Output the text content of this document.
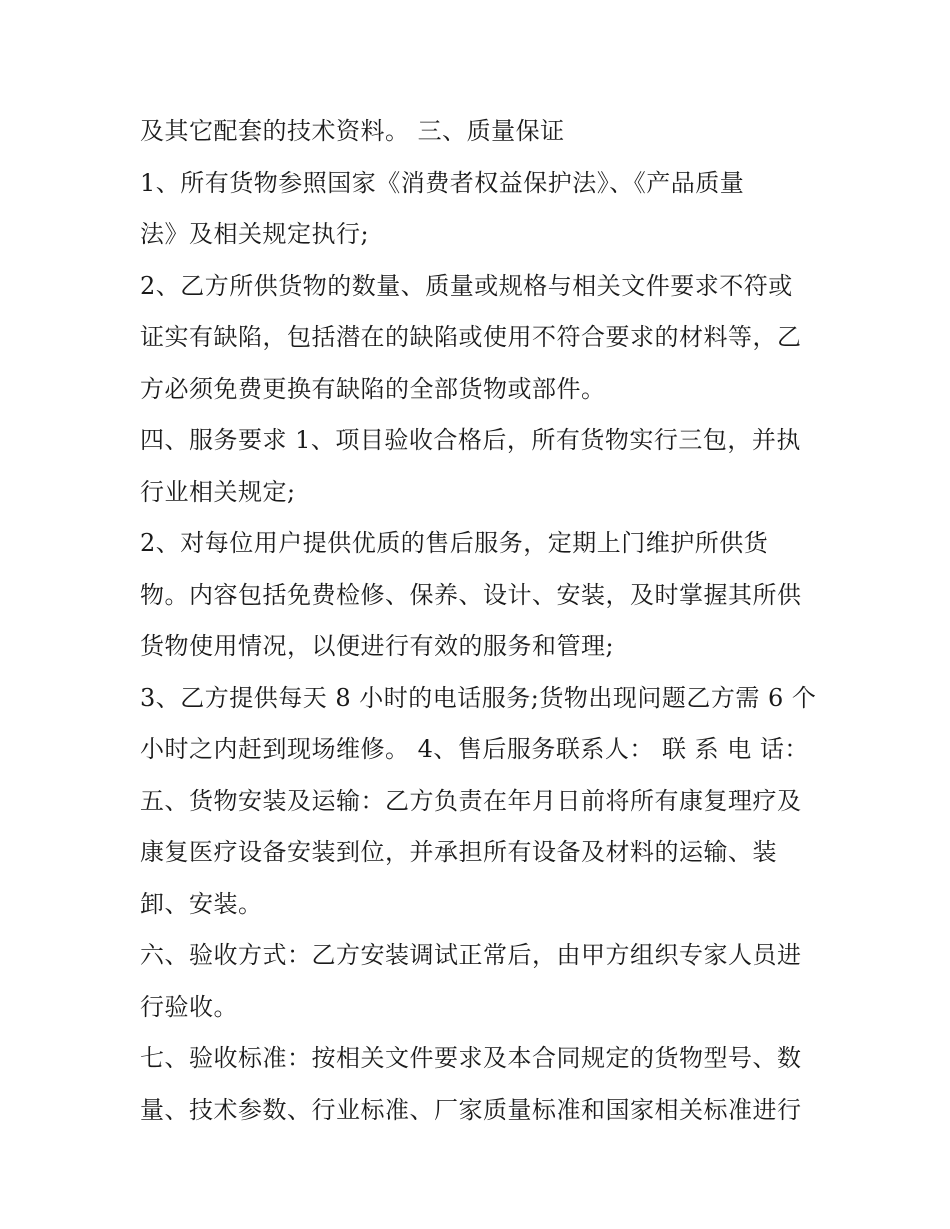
及其它配套的技术资料。 三、质量保证
1、所有货物参照国家《消费者权益保护法》、《产品质量
法》及相关规定执行;
2、乙方所供货物的数量、质量或规格与相关文件要求不符或
证实有缺陷，包括潜在的缺陷或使用不符合要求的材料等，乙
方必须免费更换有缺陷的全部货物或部件。
四、服务要求 1、项目验收合格后，所有货物实行三包，并执
行业相关规定;
2、对每位用户提供优质的售后服务，定期上门维护所供货
物。内容包括免费检修、保养、设计、安装，及时掌握其所供
货物使用情况，以便进行有效的服务和管理;
3、乙方提供每天 8 小时的电话服务;货物出现问题乙方需 6 个
小时之内赶到现场维修。 4、售后服务联系人： 联 系 电 话：
五、货物安装及运输：乙方负责在年月日前将所有康复理疗及
康复医疗设备安装到位，并承担所有设备及材料的运输、装
卸、安装。
六、验收方式：乙方安装调试正常后，由甲方组织专家人员进
行验收。
七、验收标准：按相关文件要求及本合同规定的货物型号、数
量、技术参数、行业标准、厂家质量标准和国家相关标准进行
